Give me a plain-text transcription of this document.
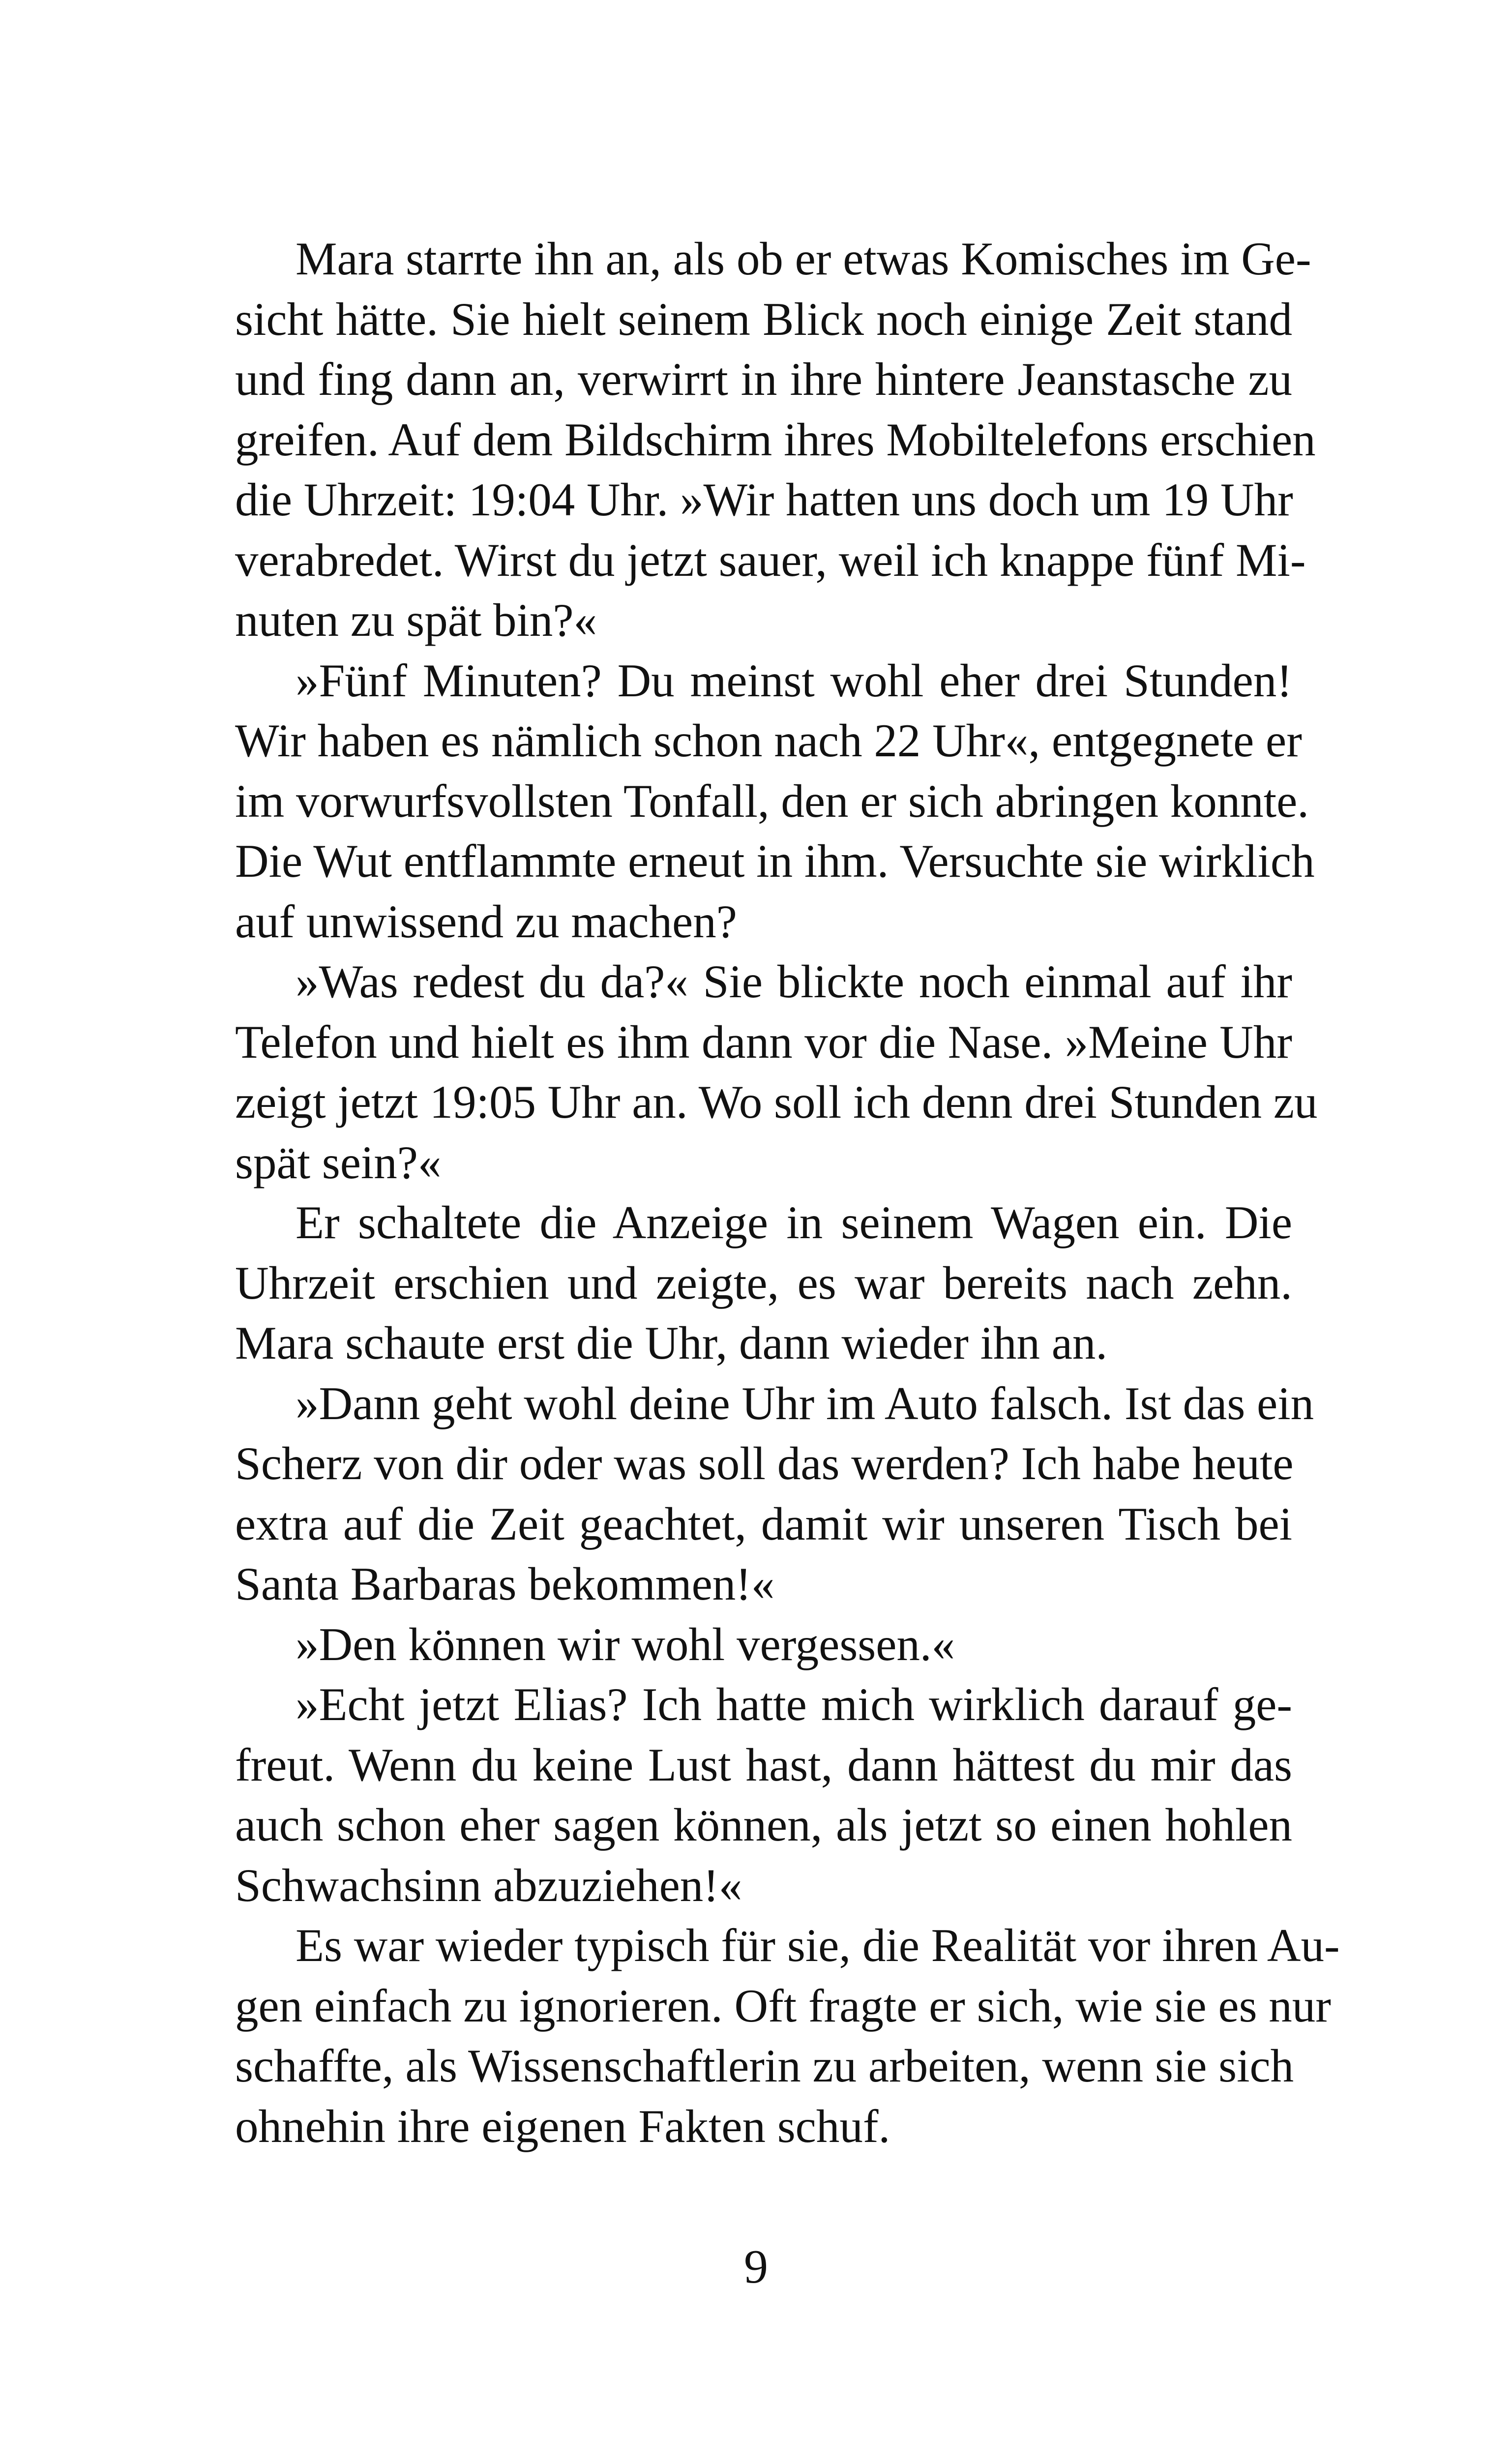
Mara starrte ihn an, als ob er etwas Komisches im Ge-
sicht hätte. Sie hielt seinem Blick noch einige Zeit stand
und fing dann an, verwirrt in ihre hintere Jeanstasche zu
greifen. Auf dem Bildschirm ihres Mobiltelefons erschien
die Uhrzeit: 19:04 Uhr. »Wir hatten uns doch um 19 Uhr
verabredet. Wirst du jetzt sauer, weil ich knappe fünf Mi-
nuten zu spät bin?«
»Fünf Minuten? Du meinst wohl eher drei Stunden!
Wir haben es nämlich schon nach 22 Uhr«, entgegnete er
im vorwurfsvollsten Tonfall, den er sich abringen konnte.
Die Wut entflammte erneut in ihm. Versuchte sie wirklich
auf unwissend zu machen?
»Was redest du da?« Sie blickte noch einmal auf ihr
Telefon und hielt es ihm dann vor die Nase. »Meine Uhr
zeigt jetzt 19:05 Uhr an. Wo soll ich denn drei Stunden zu
spät sein?«
Er schaltete die Anzeige in seinem Wagen ein. Die
Uhrzeit erschien und zeigte, es war bereits nach zehn.
Mara schaute erst die Uhr, dann wieder ihn an.
»Dann geht wohl deine Uhr im Auto falsch. Ist das ein
Scherz von dir oder was soll das werden? Ich habe heute
extra auf die Zeit geachtet, damit wir unseren Tisch bei
Santa Barbaras bekommen!«
»Den können wir wohl vergessen.«
»Echt jetzt Elias? Ich hatte mich wirklich darauf ge-
freut. Wenn du keine Lust hast, dann hättest du mir das
auch schon eher sagen können, als jetzt so einen hohlen
Schwachsinn abzuziehen!«
Es war wieder typisch für sie, die Realität vor ihren Au-
gen einfach zu ignorieren. Oft fragte er sich, wie sie es nur
schaffte, als Wissenschaftlerin zu arbeiten, wenn sie sich
ohnehin ihre eigenen Fakten schuf.
9
